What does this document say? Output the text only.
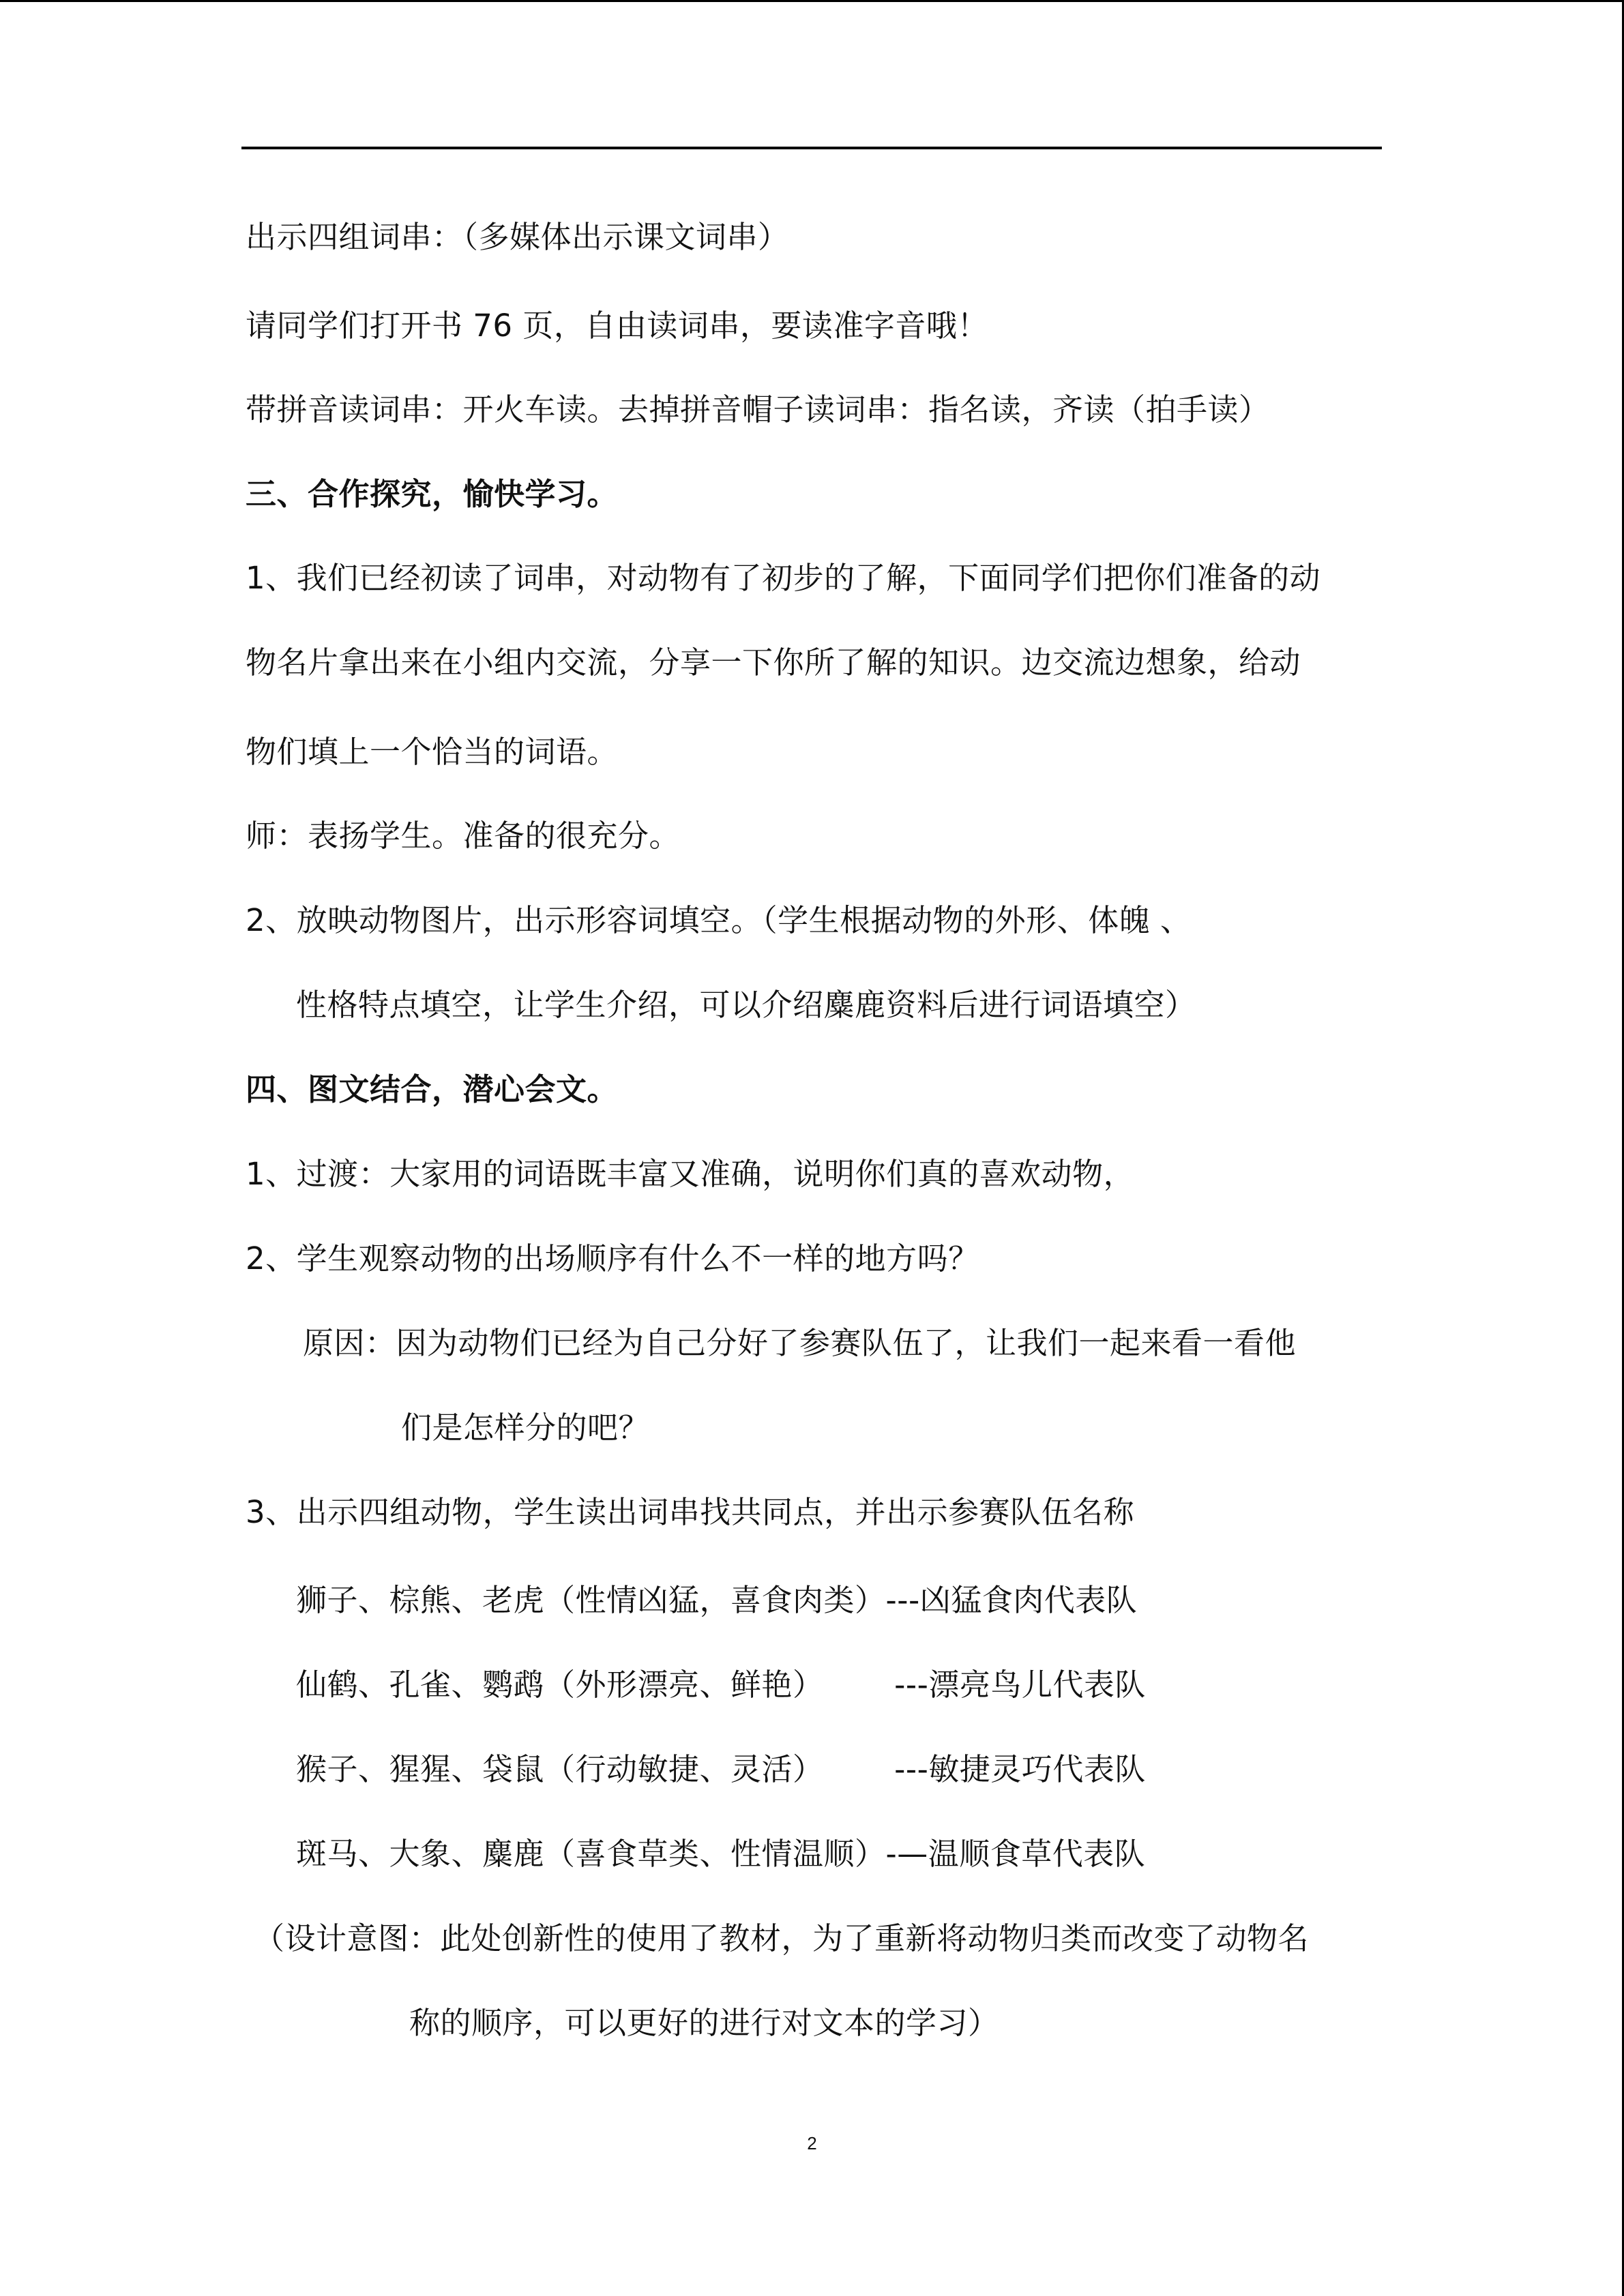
出示四组词串：（多媒体出示课文词串）
请同学们打开书 76 页，自由读词串，要读准字音哦！
带拼音读词串：开火车读。去掉拼音帽子读词串：指名读，齐读（拍手读）
三、合作探究，愉快学习。
1、我们已经初读了词串，对动物有了初步的了解，下面同学们把你们准备的动
物名片拿出来在小组内交流，分享一下你所了解的知识。边交流边想象，给动
物们填上一个恰当的词语。
师：表扬学生。准备的很充分。
2、放映动物图片，出示形容词填空。（学生根据动物的外形、体魄 、
性格特点填空，让学生介绍，可以介绍麋鹿资料后进行词语填空）
四、图文结合，潜心会文。
1、过渡：大家用的词语既丰富又准确，说明你们真的喜欢动物，
2、学生观察动物的出场顺序有什么不一样的地方吗？
原因：因为动物们已经为自己分好了参赛队伍了，让我们一起来看一看他
们是怎样分的吧？
3、出示四组动物，学生读出词串找共同点，并出示参赛队伍名称
狮子、棕熊、老虎（性情凶猛，喜食肉类）---凶猛食肉代表队
仙鹤、孔雀、鹦鹉（外形漂亮、鲜艳）       ---漂亮鸟儿代表队
猴子、猩猩、袋鼠（行动敏捷、灵活）       ---敏捷灵巧代表队
斑马、大象、麋鹿（喜食草类、性情温顺）-—温顺食草代表队
（设计意图：此处创新性的使用了教材，为了重新将动物归类而改变了动物名
称的顺序，可以更好的进行对文本的学习）
2
